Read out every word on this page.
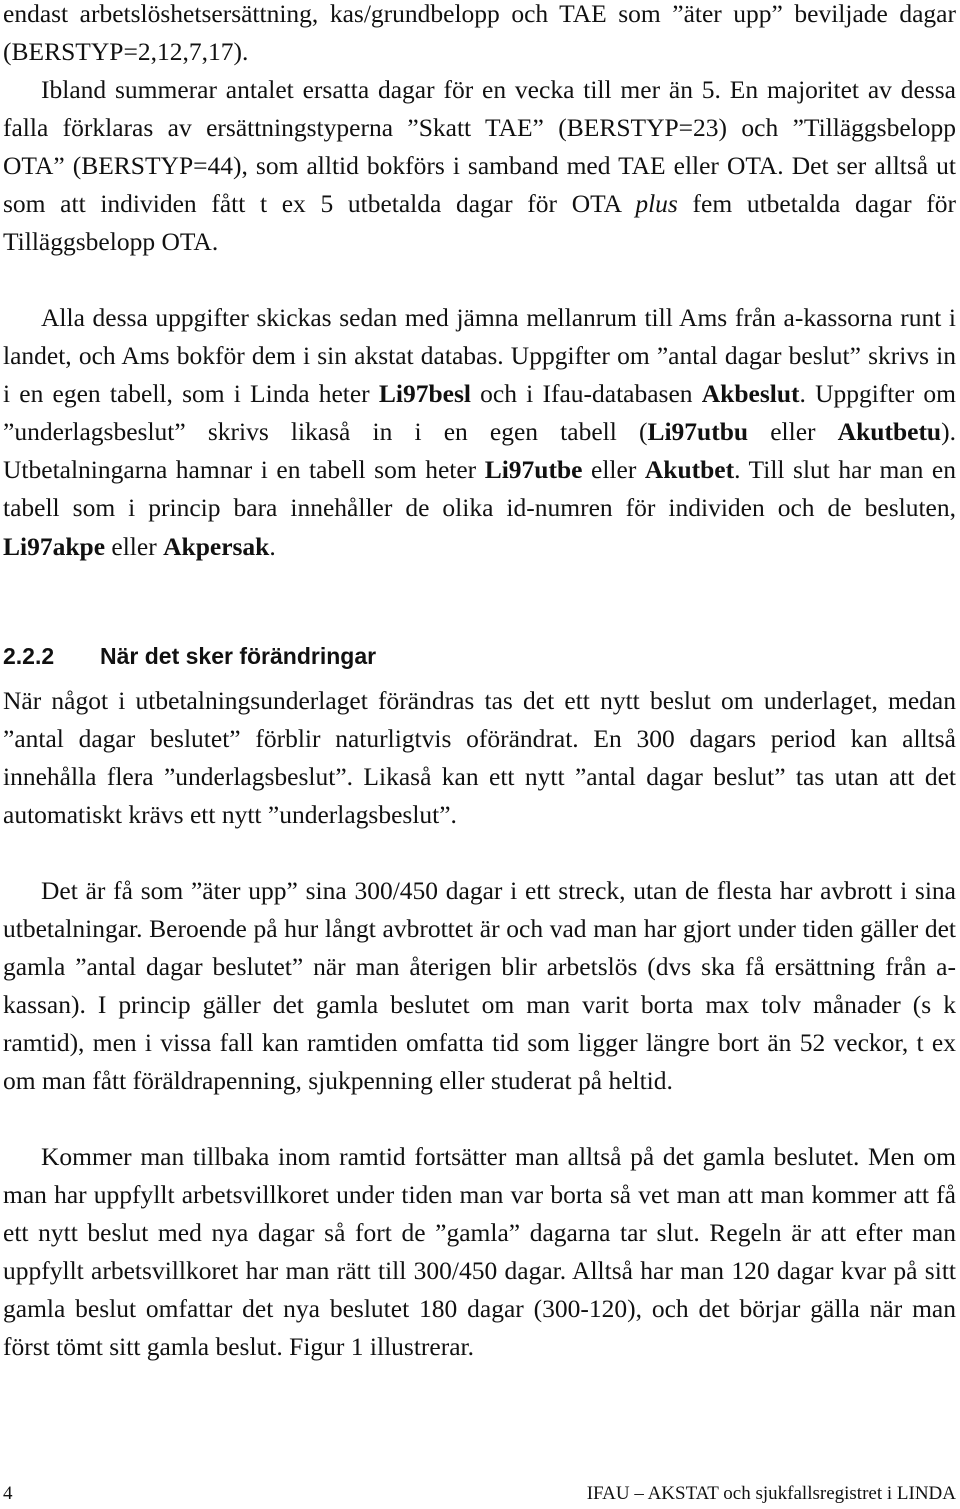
endast arbetslöshetsersättning, kas/grundbelopp och TAE som ”äter upp” beviljade dagar (BERSTYP=2,12,7,17).

Ibland summerar antalet ersatta dagar för en vecka till mer än 5. En majoritet av dessa falla förklaras av ersättningstyperna ”Skatt TAE” (BERSTYP=23) och ”Tilläggsbelopp OTA” (BERSTYP=44), som alltid bokförs i samband med TAE eller OTA. Det ser alltså ut som att individen fått t ex 5 utbetalda dagar för OTA plus fem utbetalda dagar för Tilläggsbelopp OTA.

Alla dessa uppgifter skickas sedan med jämna mellanrum till Ams från a-kassorna runt i landet, och Ams bokför dem i sin akstat databas. Uppgifter om ”antal dagar beslut” skrivs in i en egen tabell, som i Linda heter Li97besl och i Ifau-databasen Akbeslut. Uppgifter om ”underlagsbeslut” skrivs likaså in i en egen tabell (Li97utbu eller Akutbetu). Utbetalningarna hamnar i en tabell som heter Li97utbe eller Akutbet. Till slut har man en tabell som i princip bara innehåller de olika id-numren för individen och de besluten, Li97akpe eller Akpersak.

2.2.2 När det sker förändringar

När något i utbetalningsunderlaget förändras tas det ett nytt beslut om underlaget, medan ”antal dagar beslutet” förblir naturligtvis oförändrat. En 300 dagars period kan alltså innehålla flera ”underlagsbeslut”. Likaså kan ett nytt ”antal dagar beslut” tas utan att det automatiskt krävs ett nytt ”underlagsbeslut”.

Det är få som ”äter upp” sina 300/450 dagar i ett streck, utan de flesta har avbrott i sina utbetalningar. Beroende på hur långt avbrottet är och vad man har gjort under tiden gäller det gamla ”antal dagar beslutet” när man återigen blir arbetslös (dvs ska få ersättning från a-kassan). I princip gäller det gamla beslutet om man varit borta max tolv månader (s k ramtid), men i vissa fall kan ramtiden omfatta tid som ligger längre bort än 52 veckor, t ex om man fått föräldrapenning, sjukpenning eller studerat på heltid.

Kommer man tillbaka inom ramtid fortsätter man alltså på det gamla beslutet. Men om man har uppfyllt arbetsvillkoret under tiden man var borta så vet man att man kommer att få ett nytt beslut med nya dagar så fort de ”gamla” dagarna tar slut. Regeln är att efter man uppfyllt arbetsvillkoret har man rätt till 300/450 dagar. Alltså har man 120 dagar kvar på sitt gamla beslut omfattar det nya beslutet 180 dagar (300-120), och det börjar gälla när man först tömt sitt gamla beslut. Figur 1 illustrerar.

4	IFAU – AKSTAT och sjukfallsregistret i LINDA
